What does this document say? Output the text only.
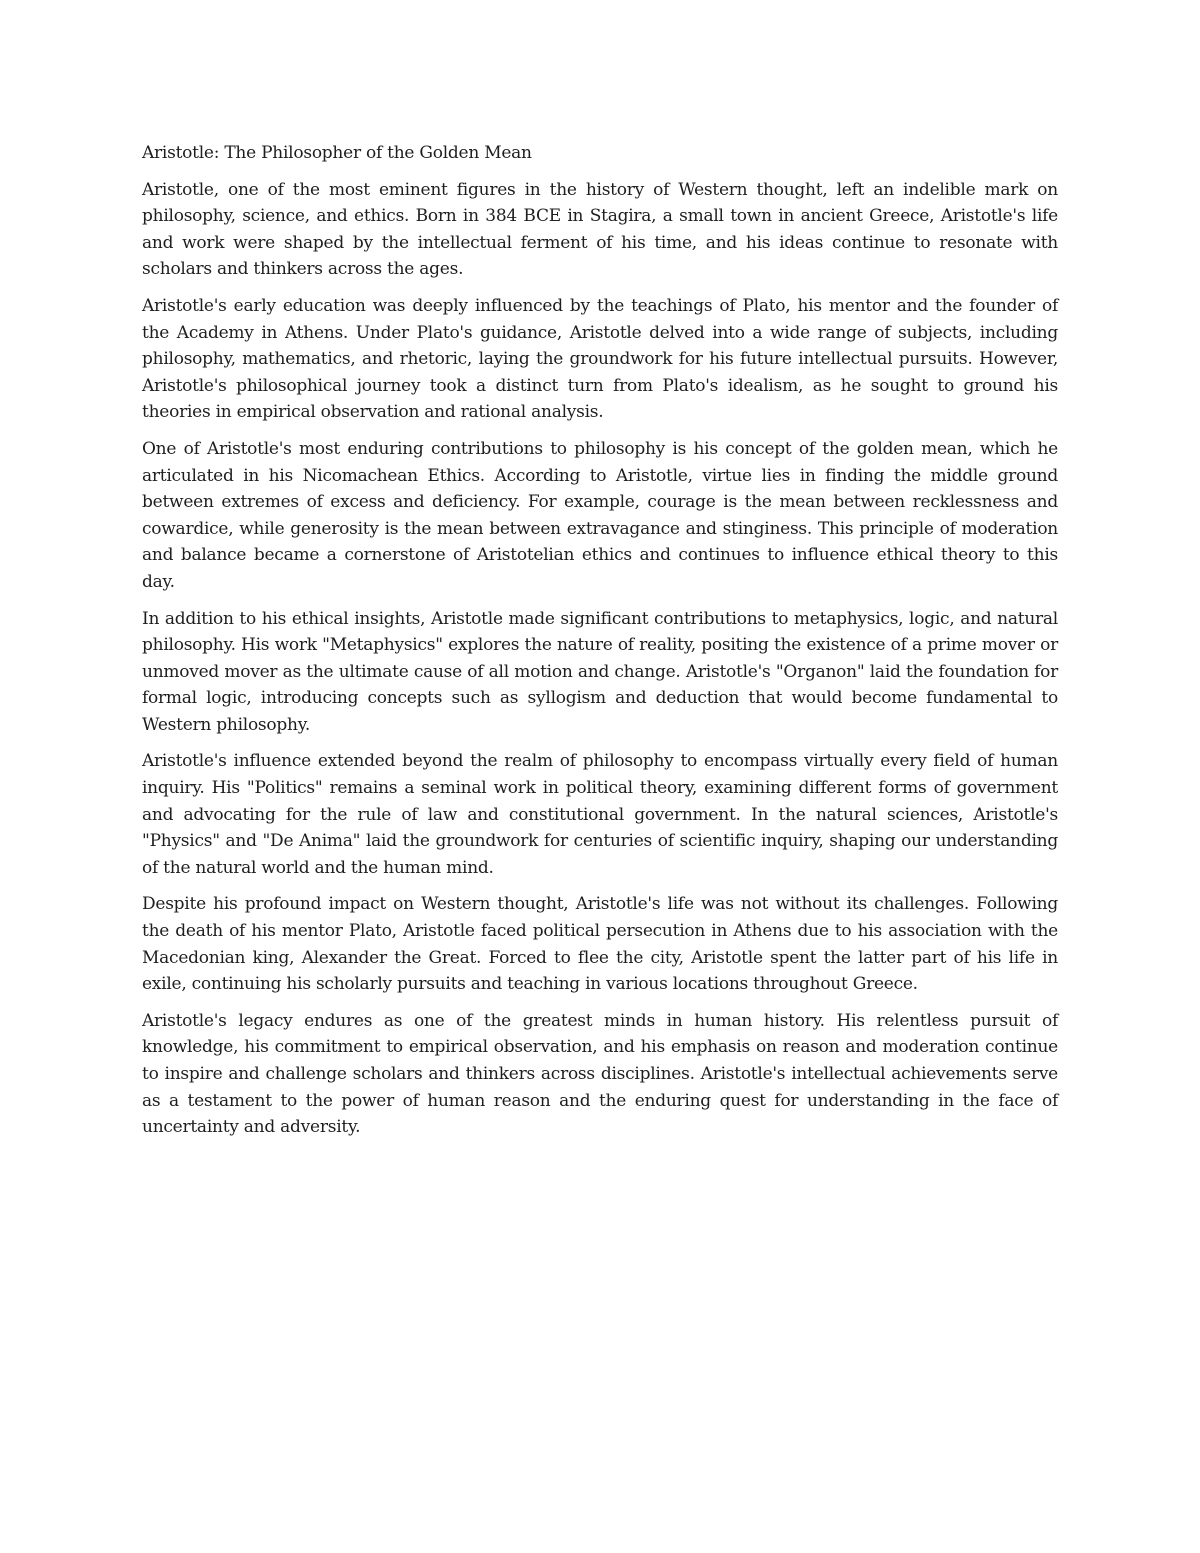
Aristotle: The Philosopher of the Golden Mean

Aristotle, one of the most eminent figures in the history of Western thought, left an indelible mark on philosophy, science, and ethics. Born in 384 BCE in Stagira, a small town in ancient Greece, Aristotle's life and work were shaped by the intellectual ferment of his time, and his ideas continue to resonate with scholars and thinkers across the ages.

Aristotle's early education was deeply influenced by the teachings of Plato, his mentor and the founder of the Academy in Athens. Under Plato's guidance, Aristotle delved into a wide range of subjects, including philosophy, mathematics, and rhetoric, laying the groundwork for his future intellectual pursuits. However, Aristotle's philosophical journey took a distinct turn from Plato's idealism, as he sought to ground his theories in empirical observation and rational analysis.

One of Aristotle's most enduring contributions to philosophy is his concept of the golden mean, which he articulated in his Nicomachean Ethics. According to Aristotle, virtue lies in finding the middle ground between extremes of excess and deficiency. For example, courage is the mean between recklessness and cowardice, while generosity is the mean between extravagance and stinginess. This principle of moderation and balance became a cornerstone of Aristotelian ethics and continues to influence ethical theory to this day.

In addition to his ethical insights, Aristotle made significant contributions to metaphysics, logic, and natural philosophy. His work "Metaphysics" explores the nature of reality, positing the existence of a prime mover or unmoved mover as the ultimate cause of all motion and change. Aristotle's "Organon" laid the foundation for formal logic, introducing concepts such as syllogism and deduction that would become fundamental to Western philosophy.

Aristotle's influence extended beyond the realm of philosophy to encompass virtually every field of human inquiry. His "Politics" remains a seminal work in political theory, examining different forms of government and advocating for the rule of law and constitutional government. In the natural sciences, Aristotle's "Physics" and "De Anima" laid the groundwork for centuries of scientific inquiry, shaping our understanding of the natural world and the human mind.

Despite his profound impact on Western thought, Aristotle's life was not without its challenges. Following the death of his mentor Plato, Aristotle faced political persecution in Athens due to his association with the Macedonian king, Alexander the Great. Forced to flee the city, Aristotle spent the latter part of his life in exile, continuing his scholarly pursuits and teaching in various locations throughout Greece.

Aristotle's legacy endures as one of the greatest minds in human history. His relentless pursuit of knowledge, his commitment to empirical observation, and his emphasis on reason and moderation continue to inspire and challenge scholars and thinkers across disciplines. Aristotle's intellectual achievements serve as a testament to the power of human reason and the enduring quest for understanding in the face of uncertainty and adversity.
